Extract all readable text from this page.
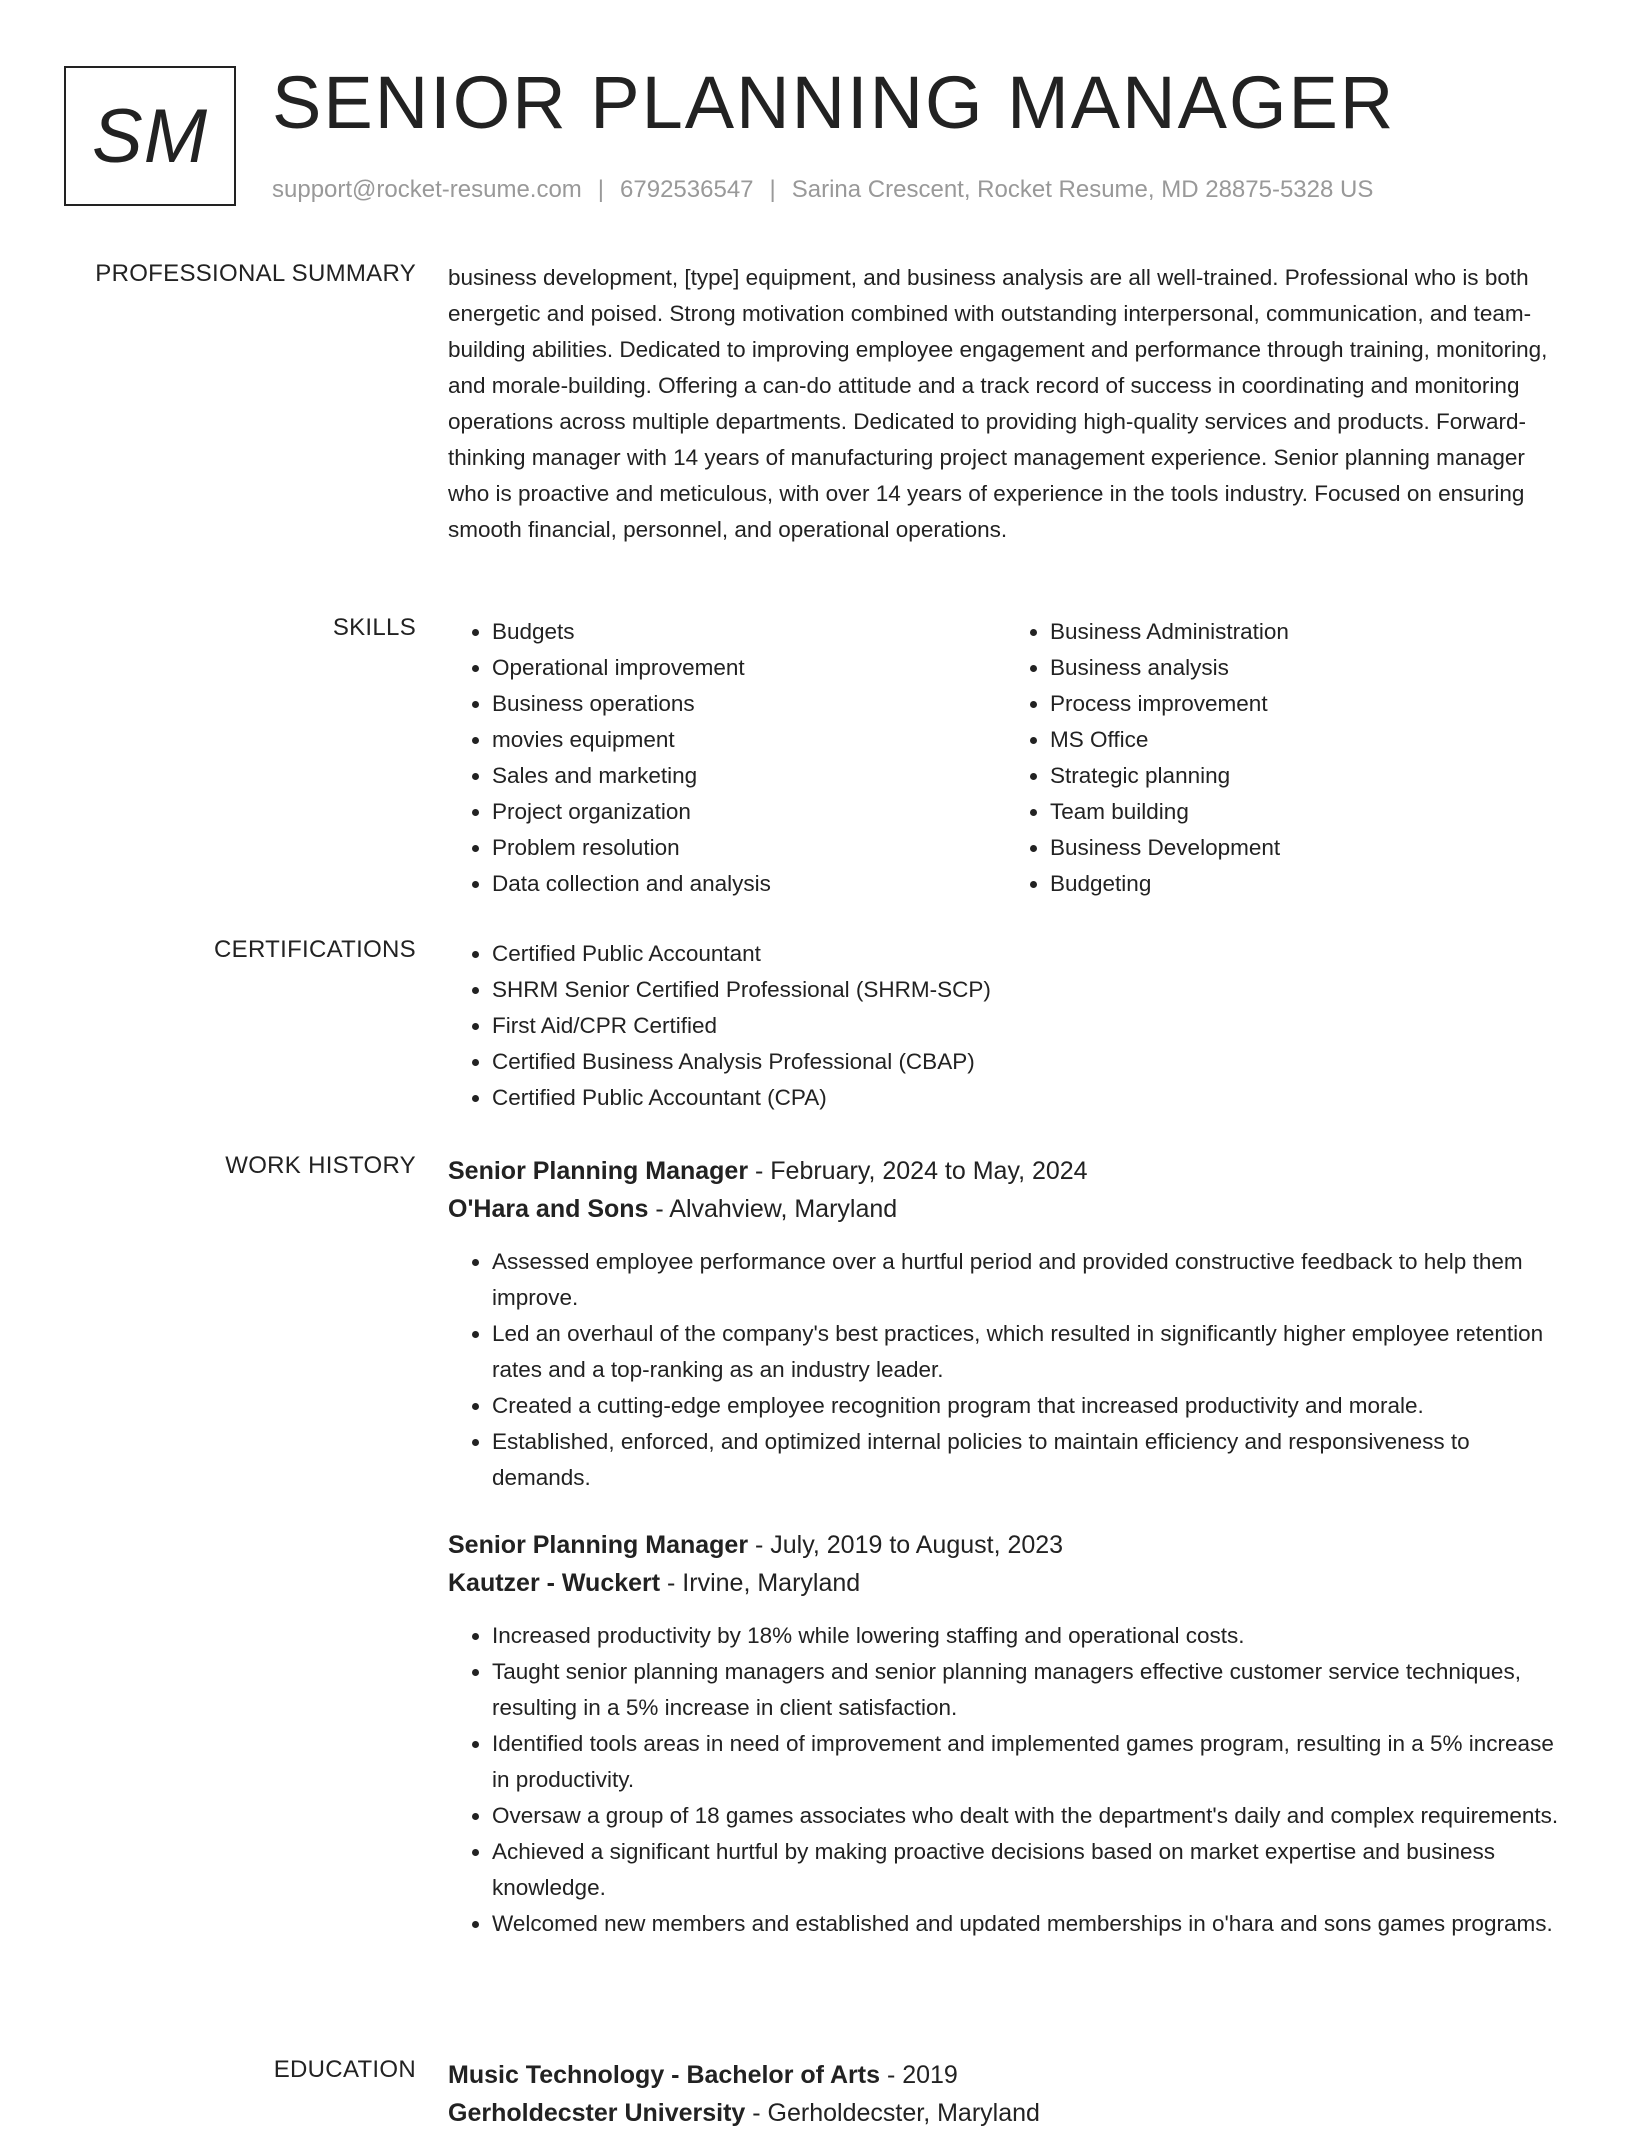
SM SENIOR PLANNING MANAGER
support@rocket-resume.com | 6792536547 | Sarina Crescent, Rocket Resume, MD 28875-5328 US
PROFESSIONAL SUMMARY business development, [type] equipment, and business analysis are all well-trained. Professional who is both energetic and poised. Strong motivation combined with outstanding interpersonal, communication, and team-building abilities. Dedicated to improving employee engagement and performance through training, monitoring, and morale-building. Offering a can-do attitude and a track record of success in coordinating and monitoring operations across multiple departments. Dedicated to providing high-quality services and products. Forward-thinking manager with 14 years of manufacturing project management experience. Senior planning manager who is proactive and meticulous, with over 14 years of experience in the tools industry. Focused on ensuring smooth financial, personnel, and operational operations.

SKILLS	• Budgets
• Operational improvement
• Business operations
• movies equipment
• Sales and marketing
• Project organization
• Problem resolution
• Data collection and analysis
• Business Administration
• Business analysis
• Process improvement
• MS Office
• Strategic planning
• Team building
• Business Development
• Budgeting
CERTIFICATIONS	• Certified Public Accountant
• SHRM Senior Certified Professional (SHRM-SCP)
• First Aid/CPR Certified
• Certified Business Analysis Professional (CBAP)
• Certified Public Accountant (CPA)
WORK HISTORY Senior Planning Manager - February, 2024 to May, 2024
O'Hara and Sons - Alvahview, Maryland
• Assessed employee performance over a hurtful period and provided constructive feedback to help them improve.
• Led an overhaul of the company's best practices, which resulted in significantly higher employee retention rates and a top-ranking as an industry leader.
• Created a cutting-edge employee recognition program that increased productivity and morale.
• Established, enforced, and optimized internal policies to maintain efficiency and responsiveness to demands.
Senior Planning Manager - July, 2019 to August, 2023
Kautzer - Wuckert - Irvine, Maryland
• Increased productivity by 18% while lowering staffing and operational costs.
• Taught senior planning managers and senior planning managers effective customer service techniques, resulting in a 5% increase in client satisfaction.
• Identified tools areas in need of improvement and implemented games program, resulting in a 5% increase in productivity.
• Oversaw a group of 18 games associates who dealt with the department's daily and complex requirements.
• Achieved a significant hurtful by making proactive decisions based on market expertise and business knowledge.
• Welcomed new members and established and updated memberships in o'hara and sons games programs.
EDUCATION Music Technology - Bachelor of Arts - 2019
Gerholdecster University - Gerholdecster, Maryland
